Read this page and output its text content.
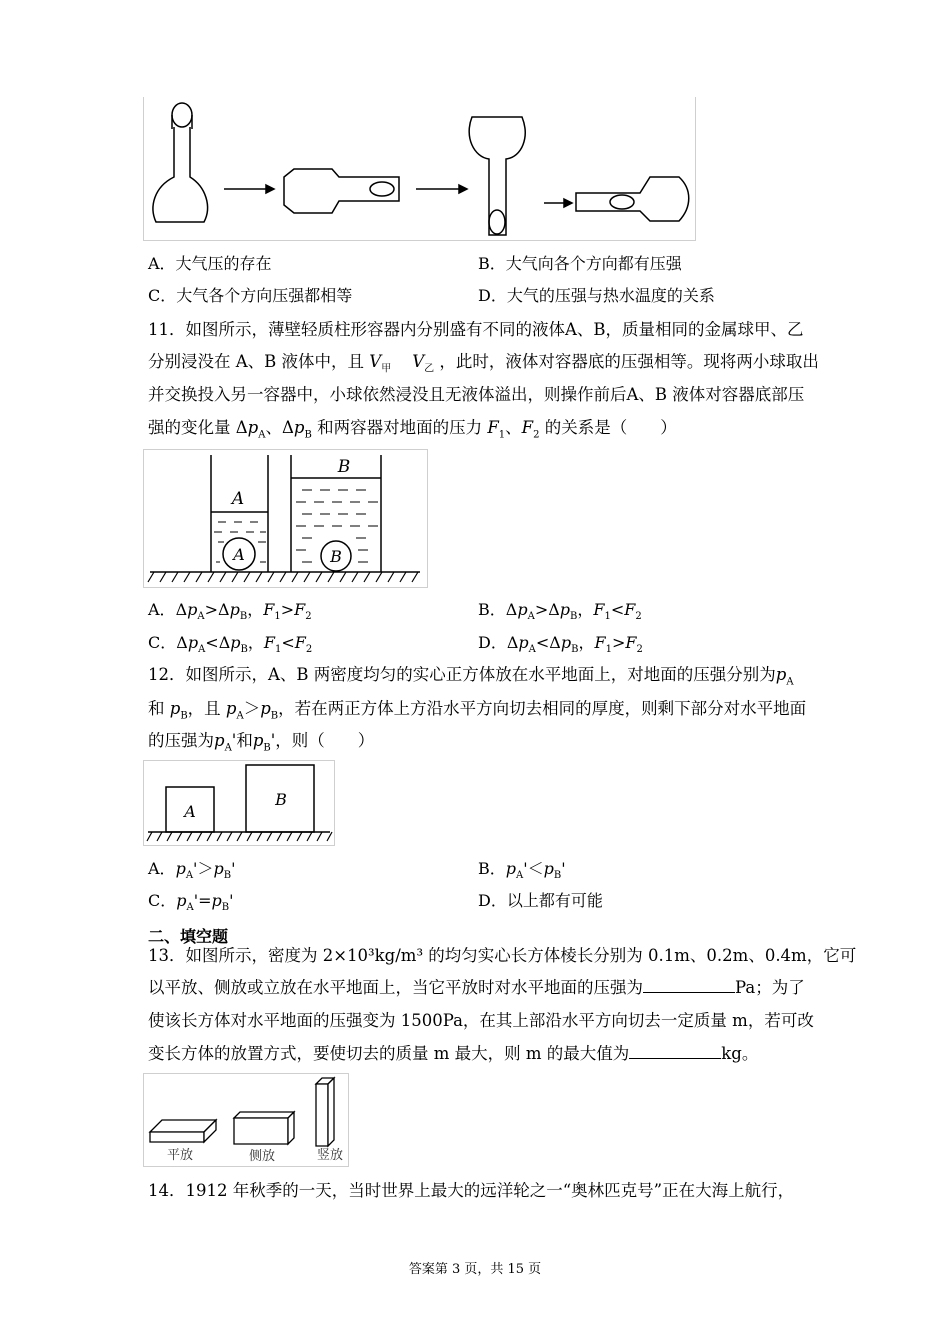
A．大气压的存在	B．大气向各个方向都有压强
C．大气各个方向压强都相等	D．大气的压强与热水温度的关系
11．如图所示，薄壁轻质柱形容器内分别盛有不同的液体A、B，质量相同的金属球甲、乙
分别浸没在 A、B 液体中，且 $V_甲$ $V_乙$ ，此时，液体对容器底的压强相等。现将两小球取出
并交换投入另一容器中，小球依然浸没且无液体溢出，则操作前后A、B 液体对容器底部压
强的变化量 $\Delta p_A$、$\Delta p_B$ 和两容器对地面的压力 $F_1$、$F_2$ 的关系是（　　）
A
B
A	B
A．$\Delta p_A>\Delta p_B$，$F_1>F_2$	B．$\Delta p_A>\Delta p_B$，$F_1<F_2$
C．$\Delta p_A<\Delta p_B$，$F_1<F_2$	D．$\Delta p_A<\Delta p_B$，$F_1>F_2$
12．如图所示，A、B 两密度均匀的实心正方体放在水平地面上，对地面的压强分别为$p_A$
和 $p_B$，且 $p_A>p_B$，若在两正方体上方沿水平方向切去相同的厚度，则剩下部分对水平地面
的压强为$p_A'$和$p_B'$，则（　　）
A
B
A．$p_A'>p_B'$	B．$p_A'<p_B'$
C．$p_A'=p_B'$	D．以上都有可能
二、填空题
13．如图所示，密度为 2×10³kg/m³ 的均匀实心长方体棱长分别为 0.1m、0.2m、0.4m，它可
以平放、侧放或立放在水平地面上，当它平放时对水平地面的压强为	Pa；为了
使该长方体对水平地面的压强变为 1500Pa，在其上部沿水平方向切去一定质量 m，若可改
变长方体的放置方式，要使切去的质量 m 最大，则 m 的最大值为	kg。
平放	侧放	竖放
14．1912 年秋季的一天，当时世界上最大的远洋轮之一“奥林匹克号”正在大海上航行，
答案第 3 页，共 15 页
